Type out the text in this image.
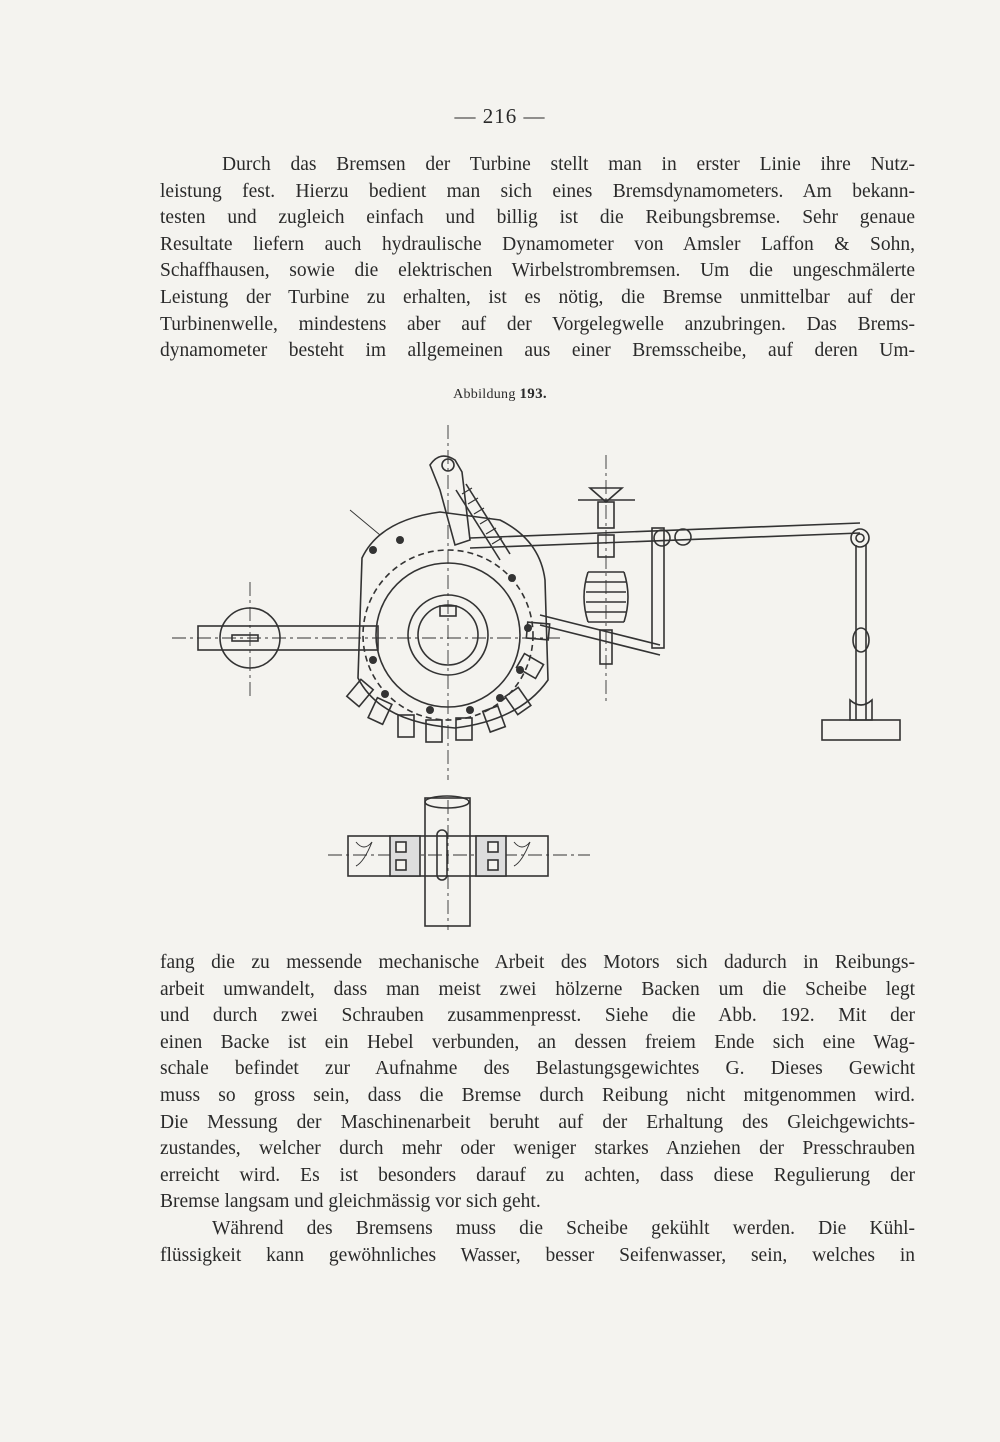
— 216 —
Durch das Bremsen der Turbine stellt man in erster Linie ihre Nutz-
leistung fest. Hierzu bedient man sich eines Bremsdynamometers. Am bekann-
testen und zugleich einfach und billig ist die Reibungsbremse. Sehr genaue
Resultate liefern auch hydraulische Dynamometer von Amsler Laffon & Sohn,
Schaffhausen, sowie die elektrischen Wirbelstrombremsen. Um die ungeschmälerte
Leistung der Turbine zu erhalten, ist es nötig, die Bremse unmittelbar auf der
Turbinenwelle, mindestens aber auf der Vorgelegwelle anzubringen. Das Brems-
dynamometer besteht im allgemeinen aus einer Bremsscheibe, auf deren Um-
Abbildung 193.
fang die zu messende mechanische Arbeit des Motors sich dadurch in Reibungs-
arbeit umwandelt, dass man meist zwei hölzerne Backen um die Scheibe legt
und durch zwei Schrauben zusammenpresst. Siehe die Abb. 192. Mit der
einen Backe ist ein Hebel verbunden, an dessen freiem Ende sich eine Wag-
schale befindet zur Aufnahme des Belastungsgewichtes G. Dieses Gewicht
muss so gross sein, dass die Bremse durch Reibung nicht mitgenommen wird.
Die Messung der Maschinenarbeit beruht auf der Erhaltung des Gleichgewichts-
zustandes, welcher durch mehr oder weniger starkes Anziehen der Presschrauben
erreicht wird. Es ist besonders darauf zu achten, dass diese Regulierung der
Bremse langsam und gleichmässig vor sich geht.
Während des Bremsens muss die Scheibe gekühlt werden. Die Kühl-
flüssigkeit kann gewöhnliches Wasser, besser Seifenwasser, sein, welches in
